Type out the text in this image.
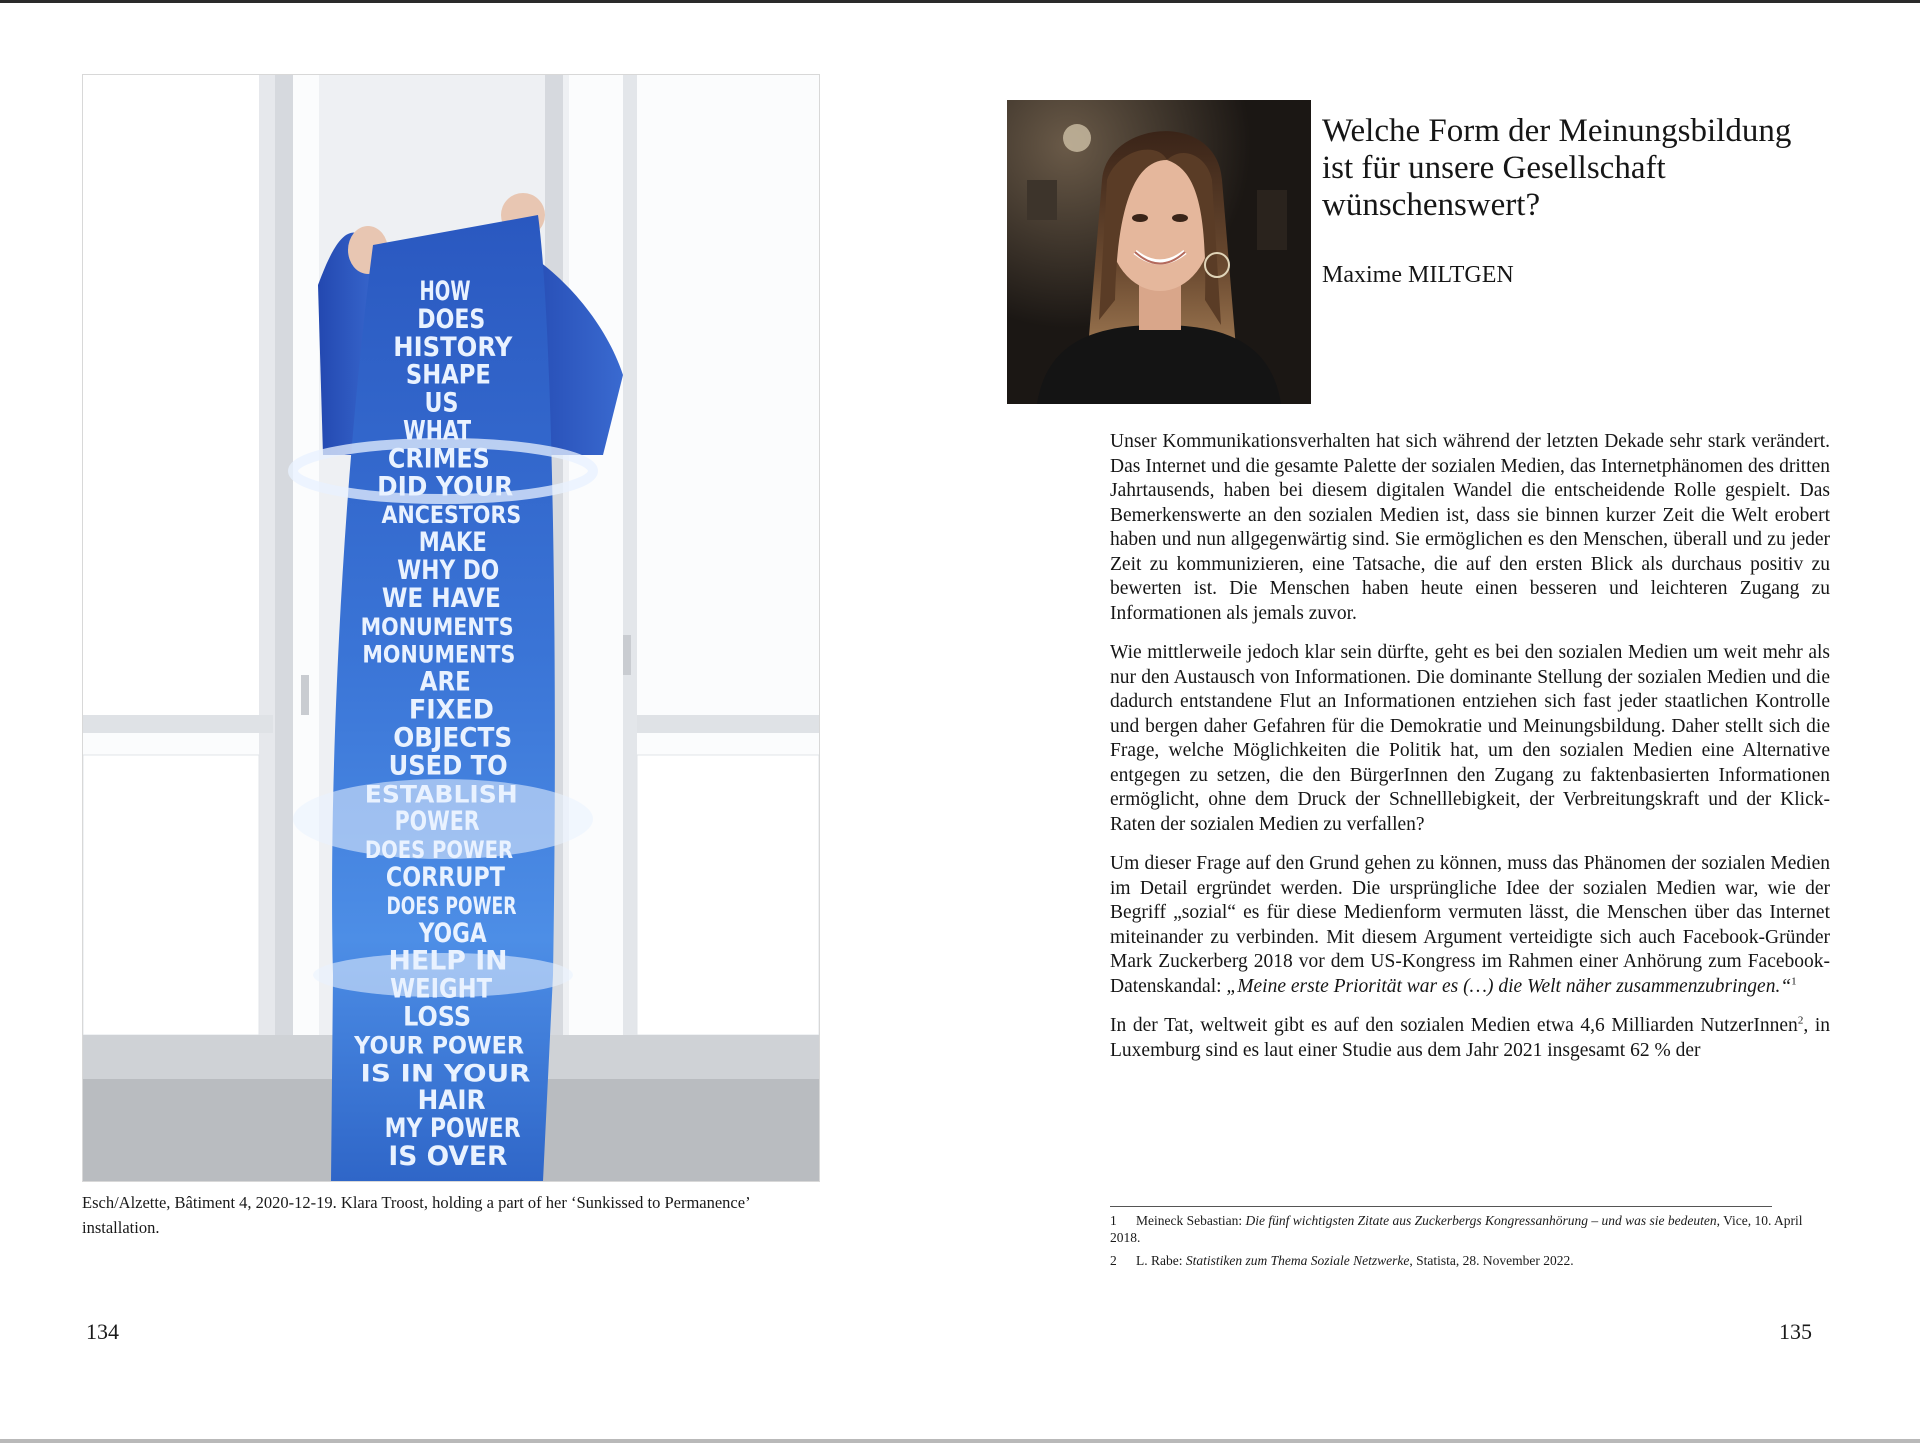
HOW
DOES
HISTORY
SHAPE
US
WHAT
CRIMES
DID YOUR
ANCESTORS
MAKE
WHY DO
WE HAVE
MONUMENTS
MONUMENTS
ARE
FIXED
OBJECTS
USED TO
ESTABLISH
POWER
DOES POWER
CORRUPT
DOES POWER
YOGA
HELP IN
WEIGHT
LOSS
YOUR POWER
IS IN YOUR
HAIR
MY POWER
IS OVER
Esch/Alzette, Bâtiment 4, 2020-12-19. Klara Troost, holding a part of her ‘Sunkissed to Permanence’ installation.
134
Welche Form der Meinungsbildung ist für unsere Gesellschaft wünschenswert?
Maxime MILTGEN

Unser Kommunikationsverhalten hat sich während der letzten Dekade sehr stark verändert. Das Internet und die gesamte Palette der sozialen Medien, das Internetphänomen des dritten Jahrtausends, haben bei diesem digitalen Wandel die entscheidende Rolle gespielt. Das Bemerkenswerte an den sozialen Medien ist, dass sie binnen kurzer Zeit die Welt erobert haben und nun allgegenwärtig sind. Sie ermöglichen es den Menschen, überall und zu jeder Zeit zu kommunizieren, eine Tatsache, die auf den ersten Blick als durchaus positiv zu bewerten ist. Die Menschen haben heute einen besseren und leichteren Zugang zu Informationen als jemals zuvor.

Wie mittlerweile jedoch klar sein dürfte, geht es bei den sozialen Medien um weit mehr als nur den Austausch von Informationen. Die dominante Stellung der sozialen Medien und die dadurch entstandene Flut an Informationen entziehen sich fast jeder staatlichen Kontrolle und bergen daher Gefahren für die Demokratie und Meinungsbildung. Daher stellt sich die Frage, welche Möglichkeiten die Politik hat, um den sozialen Medien eine Alternative entgegen zu setzen, die den BürgerInnen den Zugang zu faktenbasierten Informationen ermöglicht, ohne dem Druck der Schnelllebigkeit, der Verbreitungskraft und der Klick-Raten der sozialen Medien zu verfallen?

Um dieser Frage auf den Grund gehen zu können, muss das Phänomen der sozialen Medien im Detail ergründet werden. Die ursprüngliche Idee der sozialen Medien war, wie der Begriff „sozial“ es für diese Medienform vermuten lässt, die Menschen über das Internet miteinander zu verbinden. Mit diesem Argument verteidigte sich auch Facebook-Gründer Mark Zuckerberg 2018 vor dem US-Kongress im Rahmen einer Anhörung zum Facebook-Datenskandal: „Meine erste Priorität war es (…) die Welt näher zusammenzubringen.“$^1$

In der Tat, weltweit gibt es auf den sozialen Medien etwa 4,6 Milliarden NutzerInnen$^2$, in Luxemburg sind es laut einer Studie aus dem Jahr 2021 insgesamt 62 % der

1 Meineck Sebastian: Die fünf wichtigsten Zitate aus Zuckerbergs Kongressanhörung – und was sie bedeuten, Vice, 10. April 2018.
2 L. Rabe: Statistiken zum Thema Soziale Netzwerke, Statista, 28. November 2022.
135
